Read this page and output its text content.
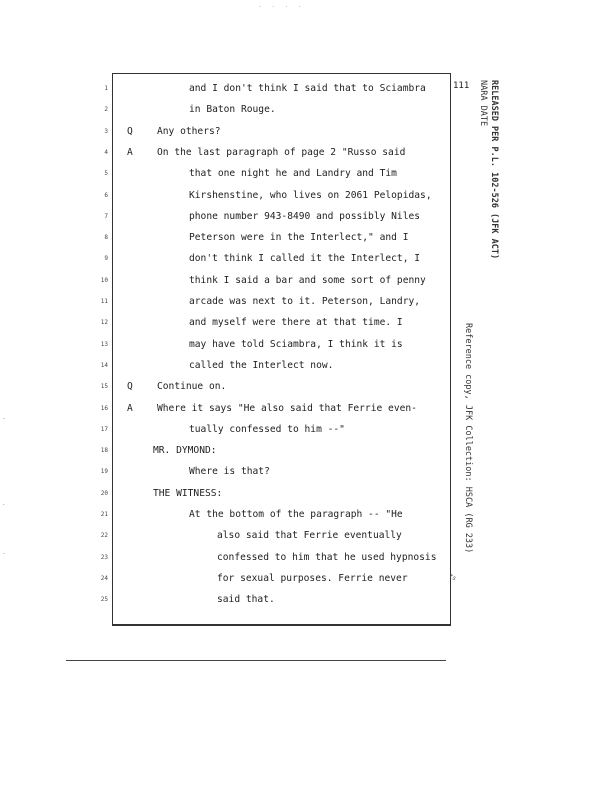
. . . .
-
.
-
1	and I don't think I said that to Sciambra
2	in Baton Rouge.
3 Q	Any others?
4 A	On the last paragraph of page 2 "Russo said
5	that one night he and Landry and Tim
6	Kirshenstine, who lives on 2061 Pelopidas,
7	phone number 943-8490 and possibly Niles
8	Peterson were in the Interlect," and I
9	don't think I called it the Interlect, I
10	think I said a bar and some sort of penny
11	arcade was next to it. Peterson, Landry,
12	and myself were there at that time. I
13	may have told Sciambra, I think it is
14	called the Interlect now.
15 Q	Continue on.
16 A	Where it says "He also said that Ferrie even-
17	tually confessed to him --"
18	MR. DYMOND:
19	Where is that?
20	THE WITNESS:
21	At the bottom of the paragraph -- "He
22	also said that Ferrie eventually
23	confessed to him that he used hypnosis
24	for sexual purposes. Ferrie never
25	said that.
111 RELEASED PER P.L. 102-526 (JFK ACT)
NARA DATE
Reference copy, JFK Collection: HSCA (RG 233)
ts
